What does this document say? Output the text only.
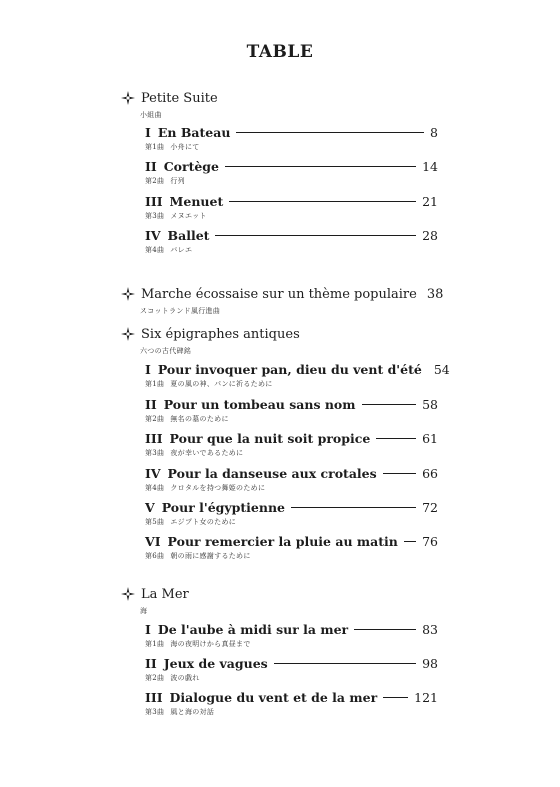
TABLE
Petite Suite
小組曲
I En Bateau	8
第1曲 小舟にて
II Cortège	14
第2曲 行列
III Menuet	21
第3曲 メヌエット
IV Ballet	28
第4曲 バレエ
Marche écossaise sur un thème populaire 38
スコットランド風行進曲
Six épigraphes antiques
六つの古代碑銘
I Pour invoquer pan, dieu du vent d'été 54
第1曲 夏の風の神、パンに祈るために
II Pour un tombeau sans nom	58
第2曲 無名の墓のために
III Pour que la nuit soit propice	61
第3曲 夜が幸いであるために
IV Pour la danseuse aux crotales	66
第4曲 クロタルを持つ舞姫のために
V Pour l'égyptienne	72
第5曲 エジプト女のために
VI Pour remercier la pluie au matin 76
第6曲 朝の雨に感謝するために
La Mer
海
I De l'aube à midi sur la mer	83
第1曲 海の夜明けから真昼まで
II Jeux de vagues	98
第2曲 波の戯れ
III Dialogue du vent et de la mer	121
第3曲 風と海の対話
